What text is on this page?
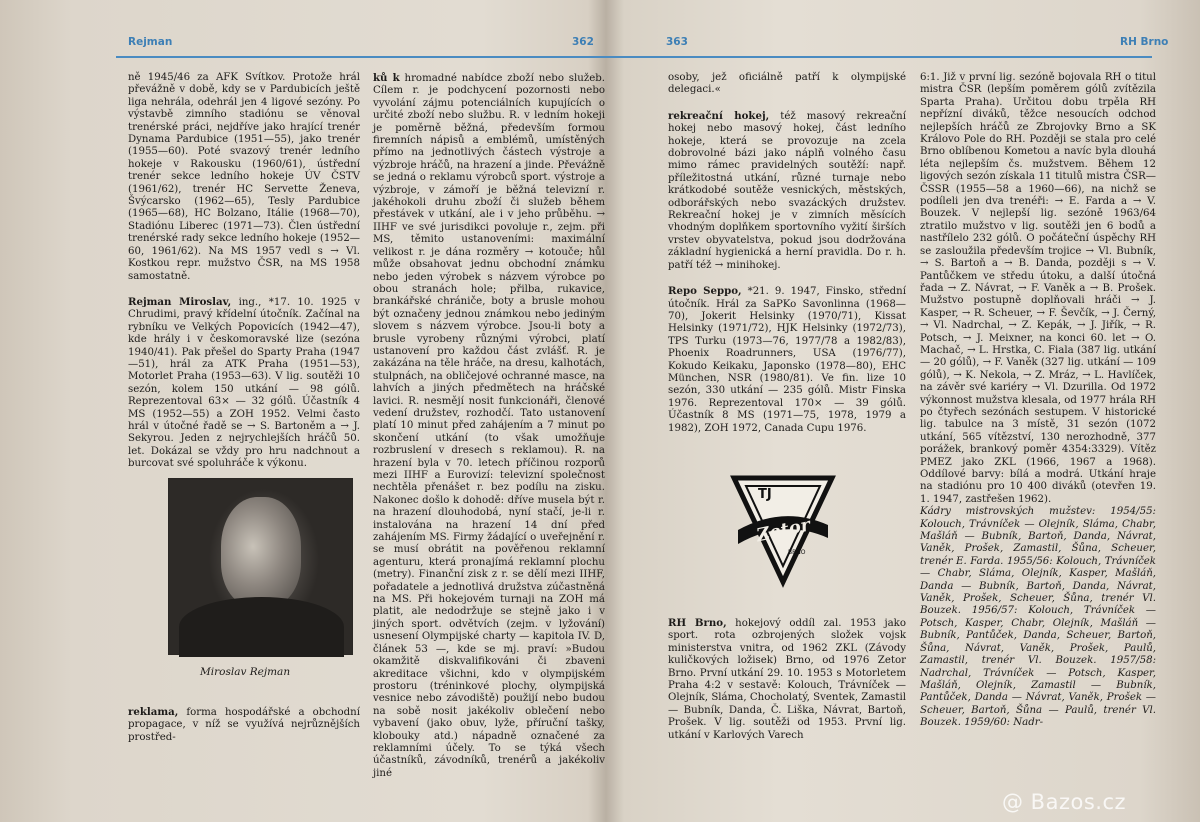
Rejman	362

ně 1945/46 za AFK Svítkov. Protože hrál převážně v době, kdy se v Pardubicích ještě liga nehrála, odehrál jen 4 ligové sezóny. Po výstavbě zimního stadiónu se věnoval trenérské práci, nejdříve jako hrající trenér Dynama Pardubice (1951—55), jako trenér (1955—60). Poté svazový trenér ledního hokeje v Rakousku (1960/61), ústřední trenér sekce ledního hokeje ÚV ČSTV (1961/62), trenér HC Servette Ženeva, Švýcarsko (1962—65), Tesly Pardubice (1965—68), HC Bolzano, Itálie (1968—70), Stadiónu Liberec (1971—73). Člen ústřední trenérské rady sekce ledního hokeje (1952—60, 1961/62). Na MS 1957 vedl s → Vl. Kostkou repr. mužstvo ČSR, na MS 1958 samostatně.

Rejman Miroslav, ing., *17. 10. 1925 v Chrudimi, pravý křídelní útočník. Začínal na rybníku ve Velkých Popovicích (1942—47), kde hrály i v českomoravské lize (sezóna 1940/41). Pak přešel do Sparty Praha (1947—51), hrál za ATK Praha (1951—53), Motorlet Praha (1953—63). V lig. soutěži 10 sezón, kolem 150 utkání — 98 gólů. Reprezentoval 63× — 32 gólů. Účastník 4 MS (1952—55) a ZOH 1952. Velmi často hrál v útočné řadě se → S. Bartoněm a → J. Sekyrou. Jeden z nejrychlejších hráčů 50. let. Dokázal se vždy pro hru nadchnout a burcovat své spoluhráče k výkonu.

Miroslav Rejman

reklama, forma hospodářské a obchodní propagace, v níž se využívá nejrůznějších prostřed-

ků k hromadné nabídce zboží nebo služeb. Cílem r. je podchycení pozornosti nebo vyvolání zájmu potenciálních kupujících o určité zboží nebo službu. R. v ledním hokeji je poměrně běžná, především formou firemních nápisů a emblémů, umístěných přímo na jednotlivých částech výstroje a výzbroje hráčů, na hrazení a jinde. Převážně se jedná o reklamu výrobců sport. výstroje a výzbroje, v zámoří je běžná televizní r. jakéhokoli druhu zboží či služeb během přestávek v utkání, ale i v jeho průběhu. → IIHF ve své jurisdikci povoluje r., zejm. při MS, těmito ustanoveními: maximální velikost r. je dána rozměry → kotouče; hůl může obsahovat jednu obchodní známku nebo jeden výrobek s názvem výrobce po obou stranách hole; přilba, rukavice, brankářské chrániče, boty a brusle mohou být označeny jednou známkou nebo jediným slovem s názvem výrobce. Jsou-li boty a brusle vyrobeny různými výrobci, platí ustanovení pro každou část zvlášť. R. je zakázána na těle hráče, na dresu, kalhotách, stulpnách, na obličejové ochranné masce, na lahvích a jiných předmětech na hráčské lavici. R. nesmějí nosit funkcionáři, členové vedení družstev, rozhodčí. Tato ustanovení platí 10 minut před zahájením a 7 minut po skončení utkání (to však umožňuje rozbruslení v dresech s reklamou). R. na hrazení byla v 70. letech příčinou rozporů mezi IIHF a Eurovizí: televizní společnost nechtěla přenášet r. bez podílu na zisku. Nakonec došlo k dohodě: dříve musela být r. na hrazení dlouhodobá, nyní stačí, je-li r. instalována na hrazení 14 dní před zahájením MS. Firmy žádající o uveřejnění r. se musí obrátit na pověřenou reklamní agenturu, která pronajímá reklamní plochu (metry). Finanční zisk z r. se dělí mezi IIHF, pořadatele a jednotlivá družstva zúčastněná na MS. Při hokejovém turnaji na ZOH má platit, ale nedodržuje se stejně jako i v jiných sport. odvětvích (zejm. v lyžování) usnesení Olympijské charty — kapitola IV. D, článek 53 —, kde se mj. praví: »Budou okamžitě diskvalifikováni či zbaveni akreditace všichni, kdo v olympijském prostoru (tréninkové plochy, olympijská vesnice nebo závodiště) použijí nebo budou na sobě nosit jakékoliv oblečení nebo vybavení (jako obuv, lyže, příruční tašky, klobouky atd.) nápadně označené za reklamními účely. To se týká všech účastníků, závodníků, trenérů a jakékoliv jiné

363	RH Brno

osoby, jež oficiálně patří k olympijské delegaci.«

rekreační hokej, též masový rekreační hokej nebo masový hokej, část ledního hokeje, která se provozuje na zcela dobrovolné bázi jako náplň volného času mimo rámec pravidelných soutěží: např. příležitostná utkání, různé turnaje nebo krátkodobé soutěže vesnických, městských, odborářských nebo svazáckých družstev. Rekreační hokej je v zimních měsících vhodným doplňkem sportovního vyžití širších vrstev obyvatelstva, pokud jsou dodržována základní hygienická a herní pravidla. Do r. h. patří též → minihokej.

Repo Seppo, *21. 9. 1947, Finsko, střední útočník. Hrál za SaPKo Savonlinna (1968—70), Jokerit Helsinky (1970/71), Kissat Helsinky (1971/72), HJK Helsinky (1972/73), TPS Turku (1973—76, 1977/78 a 1982/83), Phoenix Roadrunners, USA (1976/77), Kokudo Keikaku, Japonsko (1978—80), EHC München, NSR (1980/81). Ve fin. lize 10 sezón, 330 utkání — 235 gólů. Mistr Finska 1976. Reprezentoval 170× — 39 gólů. Účastník 8 MS (1971—75, 1978, 1979 a 1982), ZOH 1972, Canada Cupu 1976.

TJ
Zetor
BRNO

RH Brno, hokejový oddíl zal. 1953 jako sport. rota ozbrojených složek vojsk ministerstva vnitra, od 1962 ZKL (Závody kuličkových ložisek) Brno, od 1976 Zetor Brno. První utkání 29. 10. 1953 s Motorletem Praha 4:2 v sestavě: Kolouch, Trávníček — Olejník, Sláma, Chocholatý, Sventek, Zamastil — Bubník, Danda, Č. Liška, Návrat, Bartoň, Prošek. V lig. soutěži od 1953. První lig. utkání v Karlových Varech

6:1. Již v první lig. sezóně bojovala RH o titul mistra ČSR (lepším poměrem gólů zvítězila Sparta Praha). Určitou dobu trpěla RH nepřízní diváků, těžce nesoucích odchod nejlepších hráčů ze Zbrojovky Brno a SK Královo Pole do RH. Později se stala pro celé Brno oblíbenou Kometou a navíc byla dlouhá léta nejlepším čs. mužstvem. Během 12 ligových sezón získala 11 titulů mistra ČSR—ČSSR (1955—58 a 1960—66), na nichž se podíleli jen dva trenéři: → E. Farda a → V. Bouzek. V nejlepší lig. sezóně 1963/64 ztratilo mužstvo v lig. soutěži jen 6 bodů a nastřílelo 232 gólů. O počáteční úspěchy RH se zasloužila především trojice → Vl. Bubník, → S. Bartoň a → B. Danda, později s → V. Pantůčkem ve středu útoku, a další útočná řada → Z. Návrat, → F. Vaněk a → B. Prošek. Mužstvo postupně doplňovali hráči → J. Kasper, → R. Scheuer, → F. Ševčík, → J. Černý, → Vl. Nadrchal, → Z. Kepák, → J. Jiřík, → R. Potsch, → J. Meixner, na konci 60. let → O. Machač, → L. Hrstka, C. Fiala (387 lig. utkání — 20 gólů), → F. Vaněk (327 lig. utkání — 109 gólů), → K. Nekola, → Z. Mráz, → L. Havlíček, na závěr své kariéry → Vl. Dzurilla. Od 1972 výkonnost mužstva klesala, od 1977 hrála RH po čtyřech sezónách sestupem. V historické lig. tabulce na 3 místě, 31 sezón (1072 utkání, 565 vítězství, 130 nerozhodně, 377 porážek, brankový poměr 4354:3329). Vítěz PMEZ jako ZKL (1966, 1967 a 1968). Oddílové barvy: bílá a modrá. Utkání hraje na stadiónu pro 10 400 diváků (otevřen 19. 1. 1947, zastřešen 1962).

Kádry mistrovských mužstev: 1954/55: Kolouch, Trávníček — Olejník, Sláma, Chabr, Mašláň — Bubník, Bartoň, Danda, Návrat, Vaněk, Prošek, Zamastil, Šůna, Scheuer, trenér E. Farda. 1955/56: Kolouch, Trávníček — Chabr, Sláma, Olejník, Kasper, Mašláň, Danda — Bubník, Bartoň, Danda, Návrat, Vaněk, Prošek, Scheuer, Šůna, trenér Vl. Bouzek. 1956/57: Kolouch, Trávníček — Potsch, Kasper, Chabr, Olejník, Mašláň — Bubník, Pantůček, Danda, Scheuer, Bartoň, Šůna, Návrat, Vaněk, Prošek, Paulů, Zamastil, trenér Vl. Bouzek. 1957/58: Nadrchal, Trávníček — Potsch, Kasper, Mašláň, Olejník, Zamastil — Bubník, Pantůček, Danda — Návrat, Vaněk, Prošek — Scheuer, Bartoň, Šůna — Paulů, trenér Vl. Bouzek. 1959/60: Nadr-

@ Bazos.cz
